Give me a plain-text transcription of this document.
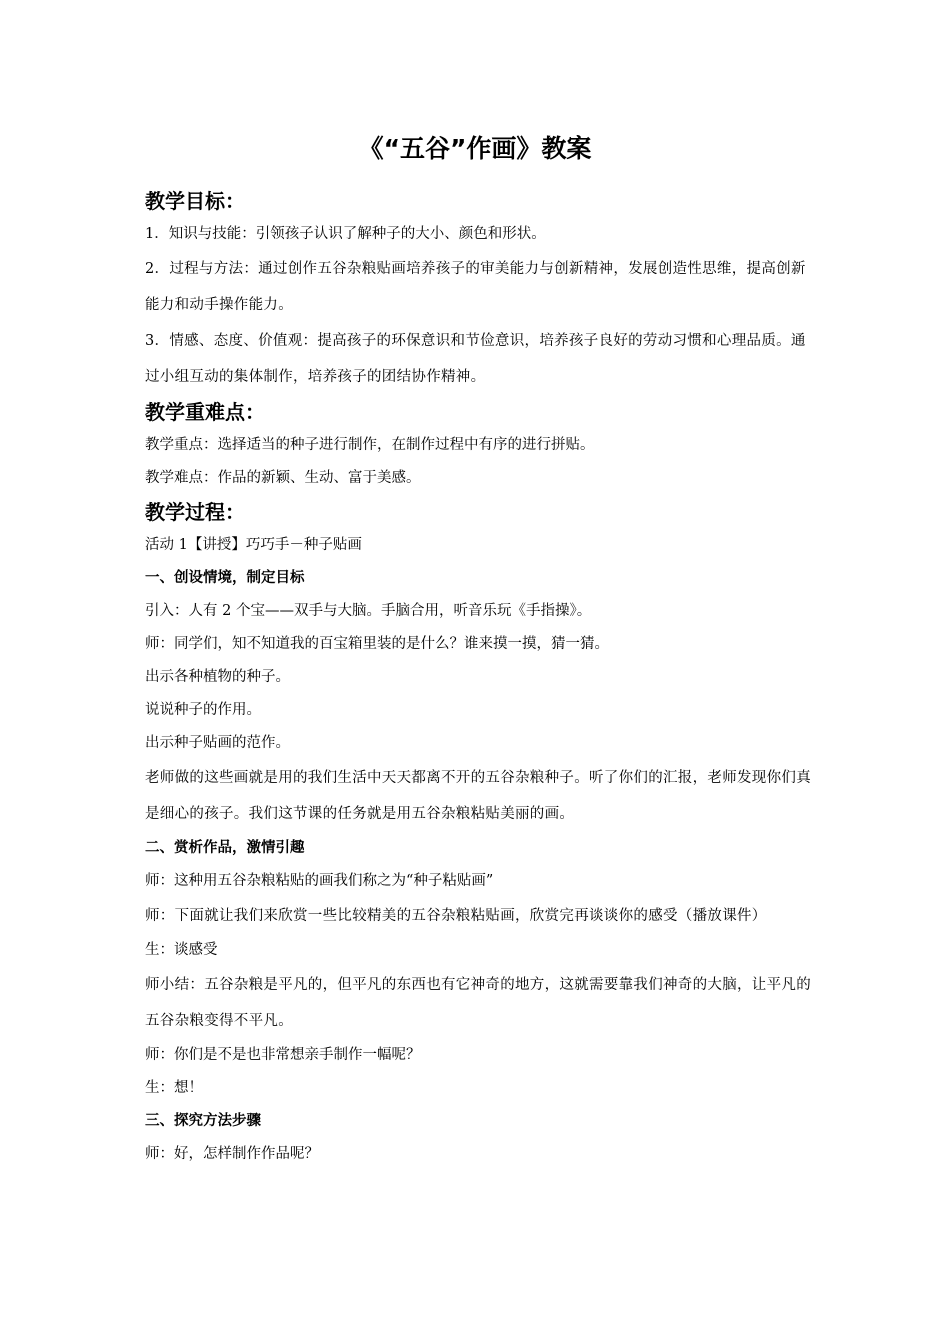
《“五谷”作画》教案
教学目标：
1．知识与技能：引领孩子认识了解种子的大小、颜色和形状。
2．过程与方法：通过创作五谷杂粮贴画培养孩子的审美能力与创新精神，发展创造性思维，提高创新能力和动手操作能力。
3．情感、态度、价值观：提高孩子的环保意识和节俭意识，培养孩子良好的劳动习惯和心理品质。通过小组互动的集体制作，培养孩子的团结协作精神。
教学重难点：
教学重点：选择适当的种子进行制作，在制作过程中有序的进行拼贴。
教学难点：作品的新颖、生动、富于美感。
教学过程：
活动 1【讲授】巧巧手－种子贴画
一、创设情境，制定目标
引入：人有 2 个宝——双手与大脑。手脑合用，听音乐玩《手指操》。
师：同学们，知不知道我的百宝箱里装的是什么？谁来摸一摸，猜一猜。
出示各种植物的种子。
说说种子的作用。
出示种子贴画的范作。
老师做的这些画就是用的我们生活中天天都离不开的五谷杂粮种子。听了你们的汇报，老师发现你们真是细心的孩子。我们这节课的任务就是用五谷杂粮粘贴美丽的画。
二、赏析作品，激情引趣
师：这种用五谷杂粮粘贴的画我们称之为“种子粘贴画”
师：下面就让我们来欣赏一些比较精美的五谷杂粮粘贴画，欣赏完再谈谈你的感受（播放课件）
生：谈感受
师小结：五谷杂粮是平凡的，但平凡的东西也有它神奇的地方，这就需要靠我们神奇的大脑，让平凡的五谷杂粮变得不平凡。
师：你们是不是也非常想亲手制作一幅呢？
生：想！
三、探究方法步骤
师：好，怎样制作作品呢？
